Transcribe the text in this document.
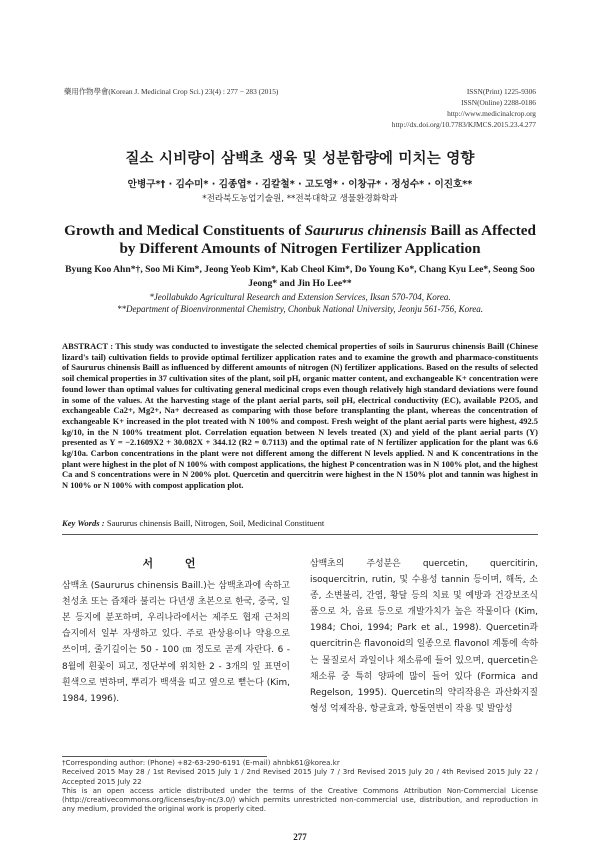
藥用作物學會(Korean J. Medicinal Crop Sci.) 23(4) : 277 − 283 (2015)	ISSN(Print) 1225-9306
ISSN(Online) 2288-0186
http://www.medicinalcrop.org
http://dx.doi.org/10.7783/KJMCS.2015.23.4.277
질소 시비량이 삼백초 생육 및 성분함량에 미치는 영향
안병구*† · 김수미* · 김종엽* · 김칼철* · 고도영* · 이창규* · 정성수* · 이진호**
*전라북도농업기술원, **전북대학교 생물환경화학과
Growth and Medical Constituents of Saururus chinensis Baill as Affected by Different Amounts of Nitrogen Fertilizer Application
Byung Koo Ahn*†, Soo Mi Kim*, Jeong Yeob Kim*, Kab Cheol Kim*, Do Young Ko*, Chang Kyu Lee*, Seong Soo Jeong* and Jin Ho Lee**
*Jeollabukdo Agricultural Research and Extension Services, Iksan 570-704, Korea.
**Department of Bioenvironmental Chemistry, Chonbuk National University, Jeonju 561-756, Korea.
ABSTRACT : This study was conducted to investigate the selected chemical properties of soils in Saururus chinensis Baill (Chinese lizard's tail) cultivation fields to provide optimal fertilizer application rates and to examine the growth and pharmaco-constituents of Saururus chinensis Baill as influenced by different amounts of nitrogen (N) fertilizer applications. Based on the results of selected soil chemical properties in 37 cultivation sites of the plant, soil pH, organic matter content, and exchangeable K+ concentration were found lower than optimal values for cultivating general medicinal crops even though relatively high standard deviations were found in some of the values. At the harvesting stage of the plant aerial parts, soil pH, electrical conductivity (EC), available P2O5, and exchangeable Ca2+, Mg2+, Na+ decreased as comparing with those before transplanting the plant, whereas the concentration of exchangeable K+ increased in the plot treated with N 100% and compost. Fresh weight of the plant aerial parts were highest, 492.5 kg/10, in the N 100% treatment plot. Correlation equation between N levels treated (X) and yield of the plant aerial parts (Y) presented as Y = −2.1609X2 + 30.082X + 344.12 (R2 = 0.7113) and the optimal rate of N fertilizer application for the plant was 6.6 kg/10a. Carbon concentrations in the plant were not different among the different N levels applied. N and K concentrations in the plant were highest in the plot of N 100% with compost applications, the highest P concentration was in N 100% plot, and the highest Ca and S concentrations were in N 200% plot. Quercetin and quercitrin were highest in the N 150% plot and tannin was highest in N 100% or N 100% with compost application plot.
Key Words : Saururus chinensis Baill, Nitrogen, Soil, Medicinal Constituent
서 언
삼백초 (Saururus chinensis Baill.)는 삼백초과에 속하고 천성초 또는 즙채라 불리는 다년생 초본으로 한국, 중국, 일본 등지에 분포하며, 우리나라에서는 제주도 협재 근처의 습지에서 일부 자생하고 있다. 주로 관상용이나 약용으로 쓰이며, 줄기길이는 50 - 100 ㎝ 정도로 곧게 자란다. 6 - 8월에 흰꽃이 피고, 정단부에 위치한 2 - 3개의 잎 표면이 흰색으로 변하며, 뿌리가 백색을 띠고 옆으로 뻗는다 (Kim, 1984, 1996).
삼백초의 주성분은 quercetin, quercitirin, isoquercitrin, rutin, 및 수용성 tannin 등이며, 해독, 소종, 소변불리, 간염, 황달 등의 치료 및 예방과 건강보조식품으로 차, 음료 등으로 개발가치가 높은 작물이다 (Kim, 1984; Choi, 1994; Park et al., 1998). Quercetin과 quercitrin은 flavonoid의 일종으로 flavonol 계통에 속하는 물질로서 과일이나 채소류에 들어 있으며, quercetin은 채소류 중 특히 양파에 많이 들어 있다 (Formica and Regelson, 1995). Quercetin의 약리작용은 과산화지질 형성 억제작용, 항균효과, 항돌연변이 작용 및 발암성
†Corresponding author: (Phone) +82-63-290-6191 (E-mail) ahnbk61@korea.kr
Received 2015 May 28 / 1st Revised 2015 July 1 / 2nd Revised 2015 July 7 / 3rd Revised 2015 July 20 / 4th Revised 2015 July 22 / Accepted 2015 July 22
This is an open access article distributed under the terms of the Creative Commons Attribution Non-Commercial License (http://creativecommons.org/licenses/by-nc/3.0/) which permits unrestricted non-commercial use, distribution, and reproduction in any medium, provided the original work is properly cited.
277
